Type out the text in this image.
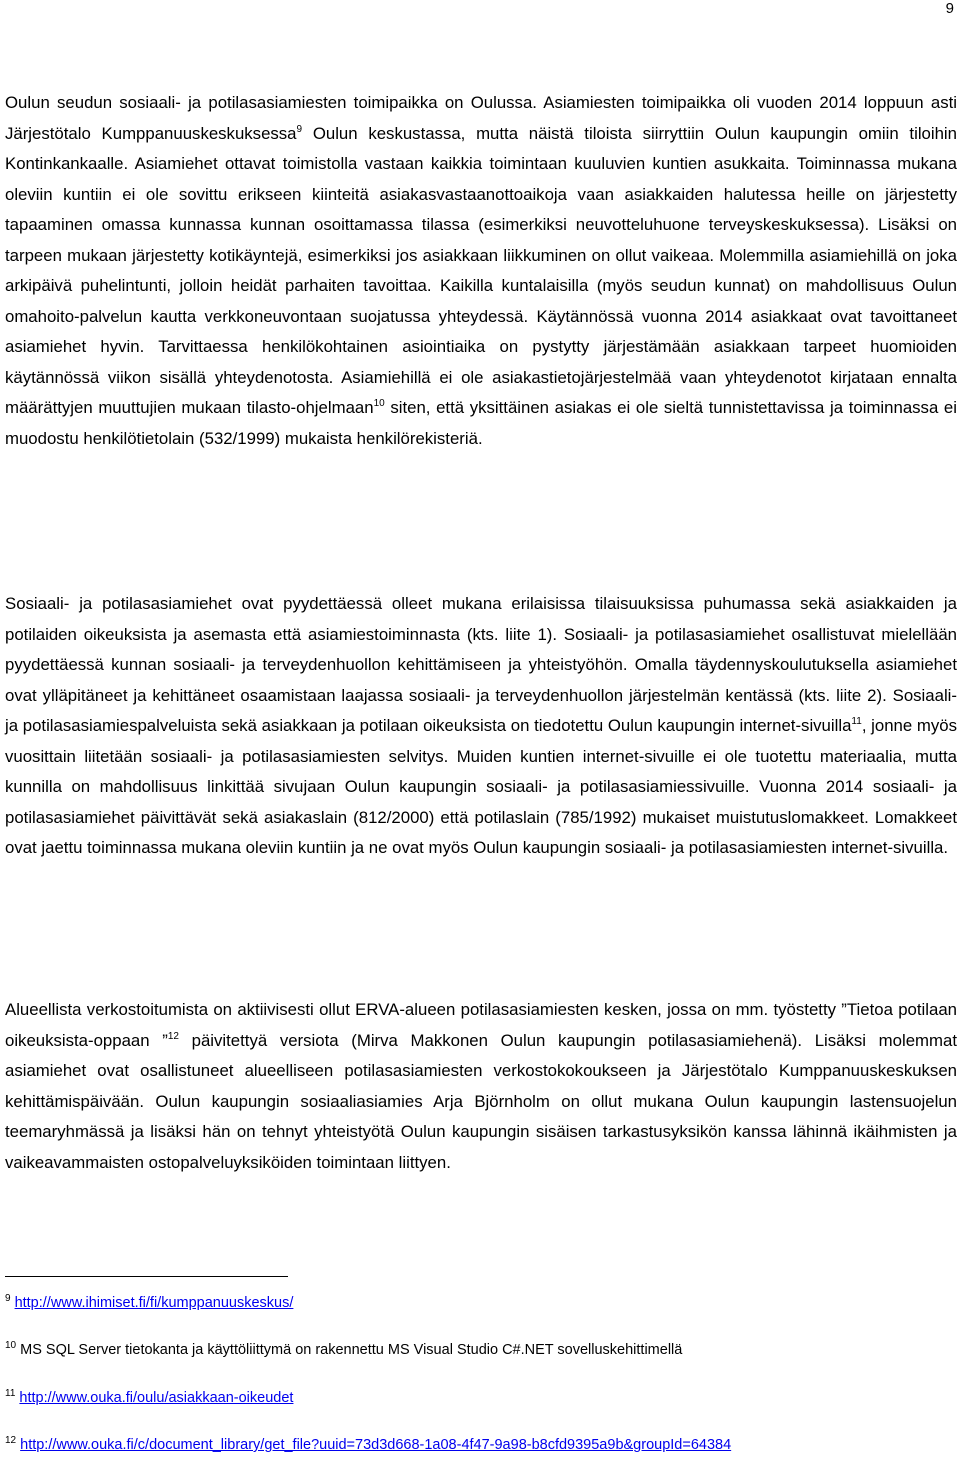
9

Oulun seudun sosiaali- ja potilasasiamiesten toimipaikka on Oulussa. Asiamiesten toimipaikka oli vuoden 2014 loppuun asti Järjestötalo Kumppanuuskeskuksessa$^9$ Oulun keskustassa, mutta näistä tiloista siirryttiin Oulun kaupungin omiin tiloihin Kontinkankaalle. Asiamiehet ottavat toimistolla vastaan kaikkia toimintaan kuuluvien kuntien asukkaita. Toiminnassa mukana oleviin kuntiin ei ole sovittu erikseen kiinteitä asiakasvastaanottoaikoja vaan asiakkaiden halutessa heille on järjestetty tapaaminen omassa kunnassa kunnan osoittamassa tilassa (esimerkiksi neuvotteluhuone terveyskeskuksessa). Lisäksi on tarpeen mukaan järjestetty kotikäyntejä, esimerkiksi jos asiakkaan liikkuminen on ollut vaikeaa. Molemmilla asiamiehillä on joka arkipäivä puhelintunti, jolloin heidät parhaiten tavoittaa. Kaikilla kuntalaisilla (myös seudun kunnat) on mahdollisuus Oulun omahoito-palvelun kautta verkkoneuvontaan suojatussa yhteydessä. Käytännössä vuonna 2014 asiakkaat ovat tavoittaneet asiamiehet hyvin. Tarvittaessa henkilökohtainen asiointiaika on pystytty järjestämään asiakkaan tarpeet huomioiden käytännössä viikon sisällä yhteydenotosta. Asiamiehillä ei ole asiakastietojärjestelmää vaan yhteydenotot kirjataan ennalta määrättyjen muuttujien mukaan tilasto-ohjelmaan$^{10}$ siten, että yksittäinen asiakas ei ole sieltä tunnistettavissa ja toiminnassa ei muodostu henkilötietolain (532/1999) mukaista henkilörekisteriä.

Sosiaali- ja potilasasiamiehet ovat pyydettäessä olleet mukana erilaisissa tilaisuuksissa puhumassa sekä asiakkaiden ja potilaiden oikeuksista ja asemasta että asiamiestoiminnasta (kts. liite 1). Sosiaali- ja potilasasiamiehet osallistuvat mielellään pyydettäessä kunnan sosiaali- ja terveydenhuollon kehittämiseen ja yhteistyöhön. Omalla täydennyskoulutuksella asiamiehet ovat ylläpitäneet ja kehittäneet osaamistaan laajassa sosiaali- ja terveydenhuollon järjestelmän kentässä (kts. liite 2). Sosiaali- ja potilasasiamiespalveluista sekä asiakkaan ja potilaan oikeuksista on tiedotettu Oulun kaupungin internet-sivuilla$^{11}$, jonne myös vuosittain liitetään sosiaali- ja potilasasiamiesten selvitys. Muiden kuntien internet-sivuille ei ole tuotettu materiaalia, mutta kunnilla on mahdollisuus linkittää sivujaan Oulun kaupungin sosiaali- ja potilasasiamiessivuille. Vuonna 2014 sosiaali- ja potilasasiamiehet päivittävät sekä asiakaslain (812/2000) että potilaslain (785/1992) mukaiset muistutuslomakkeet. Lomakkeet ovat jaettu toiminnassa mukana oleviin kuntiin ja ne ovat myös Oulun kaupungin sosiaali- ja potilasasiamiesten internet-sivuilla.

Alueellista verkostoitumista on aktiivisesti ollut ERVA-alueen potilasasiamiesten kesken, jossa on mm. työstetty ”Tietoa potilaan oikeuksista-oppaan ”$^{12}$ päivitettyä versiota (Mirva Makkonen Oulun kaupungin potilasasiamiehenä). Lisäksi molemmat asiamiehet ovat osallistuneet alueelliseen potilasasiamiesten verkostokokoukseen ja Järjestötalo Kumppanuuskeskuksen kehittämispäivään. Oulun kaupungin sosiaaliasiamies Arja Björnholm on ollut mukana Oulun kaupungin lastensuojelun teemaryhmässä ja lisäksi hän on tehnyt yhteistyötä Oulun kaupungin sisäisen tarkastusyksikön kanssa lähinnä ikäihmisten ja vaikeavammaisten ostopalveluyksiköiden toimintaan liittyen.

$^9$ http://www.ihimiset.fi/fi/kumppanuuskeskus/

$^{10}$ MS SQL Server tietokanta ja käyttöliittymä on rakennettu MS Visual Studio C#.NET sovelluskehittimellä

$^{11}$ http://www.ouka.fi/oulu/asiakkaan-oikeudet

$^{12}$ http://www.ouka.fi/c/document_library/get_file?uuid=73d3d668-1a08-4f47-9a98-b8cfd9395a9b&groupId=64384
